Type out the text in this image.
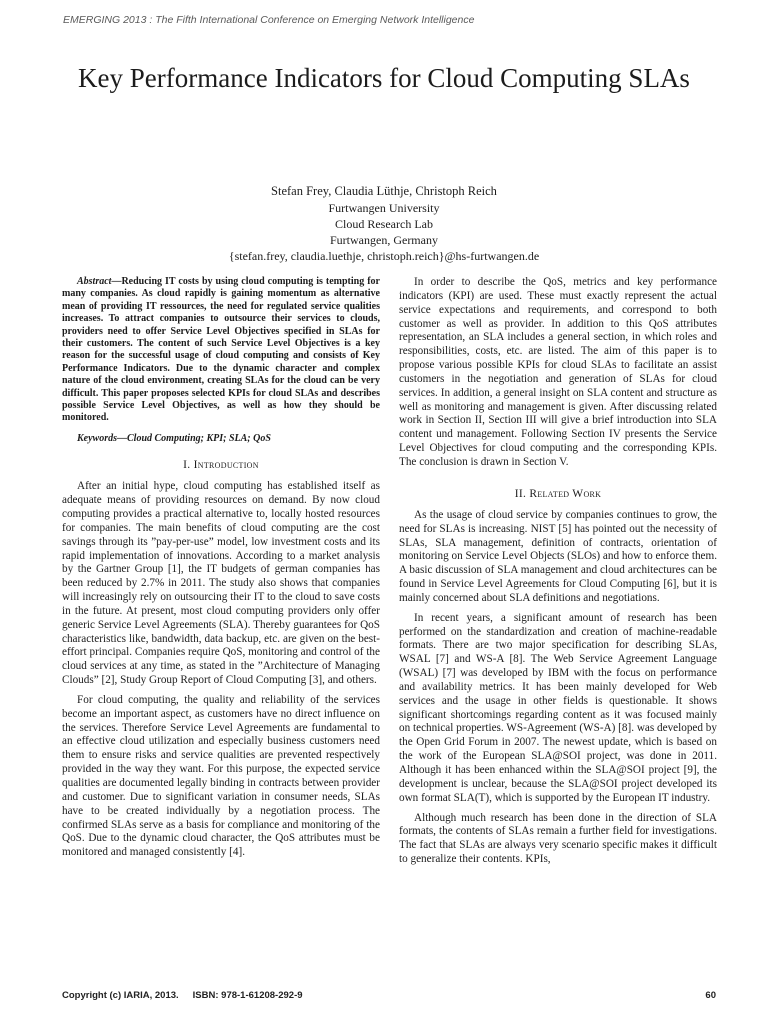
EMERGING 2013 : The Fifth International Conference on Emerging Network Intelligence
Key Performance Indicators for Cloud Computing SLAs
Stefan Frey, Claudia Lüthje, Christoph Reich
Furtwangen University
Cloud Research Lab
Furtwangen, Germany
{stefan.frey, claudia.luethje, christoph.reich}@hs-furtwangen.de

Abstract—Reducing IT costs by using cloud computing is tempting for many companies. As cloud rapidly is gaining momentum as alternative mean of providing IT ressources, the need for regulated service qualities increases. To attract companies to outsource their services to clouds, providers need to offer Service Level Objectives specified in SLAs for their customers. The content of such Service Level Objectives is a key reason for the successful usage of cloud computing and consists of Key Performance Indicators. Due to the dynamic character and complex nature of the cloud environment, creating SLAs for the cloud can be very difficult. This paper proposes selected KPIs for cloud SLAs and describes possible Service Level Objectives, as well as how they should be monitored.

Keywords—Cloud Computing; KPI; SLA; QoS

I. Introduction

After an initial hype, cloud computing has established itself as adequate means of providing resources on demand. By now cloud computing provides a practical alternative to, locally hosted resources for companies. The main benefits of cloud computing are the cost savings through its ”pay-per-use” model, low investment costs and its rapid implementation of innovations. According to a market analysis by the Gartner Group [1], the IT budgets of german companies has been reduced by 2.7% in 2011. The study also shows that companies will increasingly rely on outsourcing their IT to the cloud to save costs in the future. At present, most cloud computing providers only offer generic Service Level Agreements (SLA). Thereby guarantees for QoS characteristics like, bandwidth, data backup, etc. are given on the best-effort principal. Companies require QoS, monitoring and control of the cloud services at any time, as stated in the ”Architecture of Managing Clouds” [2], Study Group Report of Cloud Computing [3], and others.

For cloud computing, the quality and reliability of the services become an important aspect, as customers have no direct influence on the services. Therefore Service Level Agreements are fundamental to an effective cloud utilization and especially business customers need them to ensure risks and service qualities are prevented respectively provided in the way they want. For this purpose, the expected service qualities are documented legally binding in contracts between provider and customer. Due to significant variation in consumer needs, SLAs have to be created individually by a negotiation process. The confirmed SLAs serve as a basis for compliance and monitoring of the QoS. Due to the dynamic cloud character, the QoS attributes must be monitored and managed consistently [4].

In order to describe the QoS, metrics and key performance indicators (KPI) are used. These must exactly represent the actual service expectations and requirements, and correspond to both customer as well as provider. In addition to this QoS attributes representation, an SLA includes a general section, in which roles and responsibilities, costs, etc. are listed. The aim of this paper is to propose various possible KPIs for cloud SLAs to facilitate an assist customers in the negotiation and generation of SLAs for cloud services. In addition, a general insight on SLA content and structure as well as monitoring and management is given. After discussing related work in Section II, Section III will give a brief introduction into SLA content und management. Following Section IV presents the Service Level Objectives for cloud computing and the corresponding KPIs. The conclusion is drawn in Section V.

II. Related Work

As the usage of cloud service by companies continues to grow, the need for SLAs is increasing. NIST [5] has pointed out the necessity of SLAs, SLA management, definition of contracts, orientation of monitoring on Service Level Objects (SLOs) and how to enforce them. A basic discussion of SLA management and cloud architectures can be found in Service Level Agreements for Cloud Computing [6], but it is mainly concerned about SLA definitions and negotiations.

In recent years, a significant amount of research has been performed on the standardization and creation of machine-readable formats. There are two major specification for describing SLAs, WSAL [7] and WS-A [8]. The Web Service Agreement Language (WSAL) [7] was developed by IBM with the focus on performance and availability metrics. It has been mainly developed for Web services and the usage in other fields is questionable. It shows significant shortcomings regarding content as it was focused mainly on technical properties. WS-Agreement (WS-A) [8]. was developed by the Open Grid Forum in 2007. The newest update, which is based on the work of the European SLA@SOI project, was done in 2011. Although it has been enhanced within the SLA@SOI project [9], the development is unclear, because the SLA@SOI project developed its own format SLA(T), which is supported by the European IT industry.

Although much research has been done in the direction of SLA formats, the contents of SLAs remain a further field for investigations. The fact that SLAs are always very scenario specific makes it difficult to generalize their contents. KPIs,

Copyright (c) IARIA, 2013. ISBN: 978-1-61208-292-9	60
